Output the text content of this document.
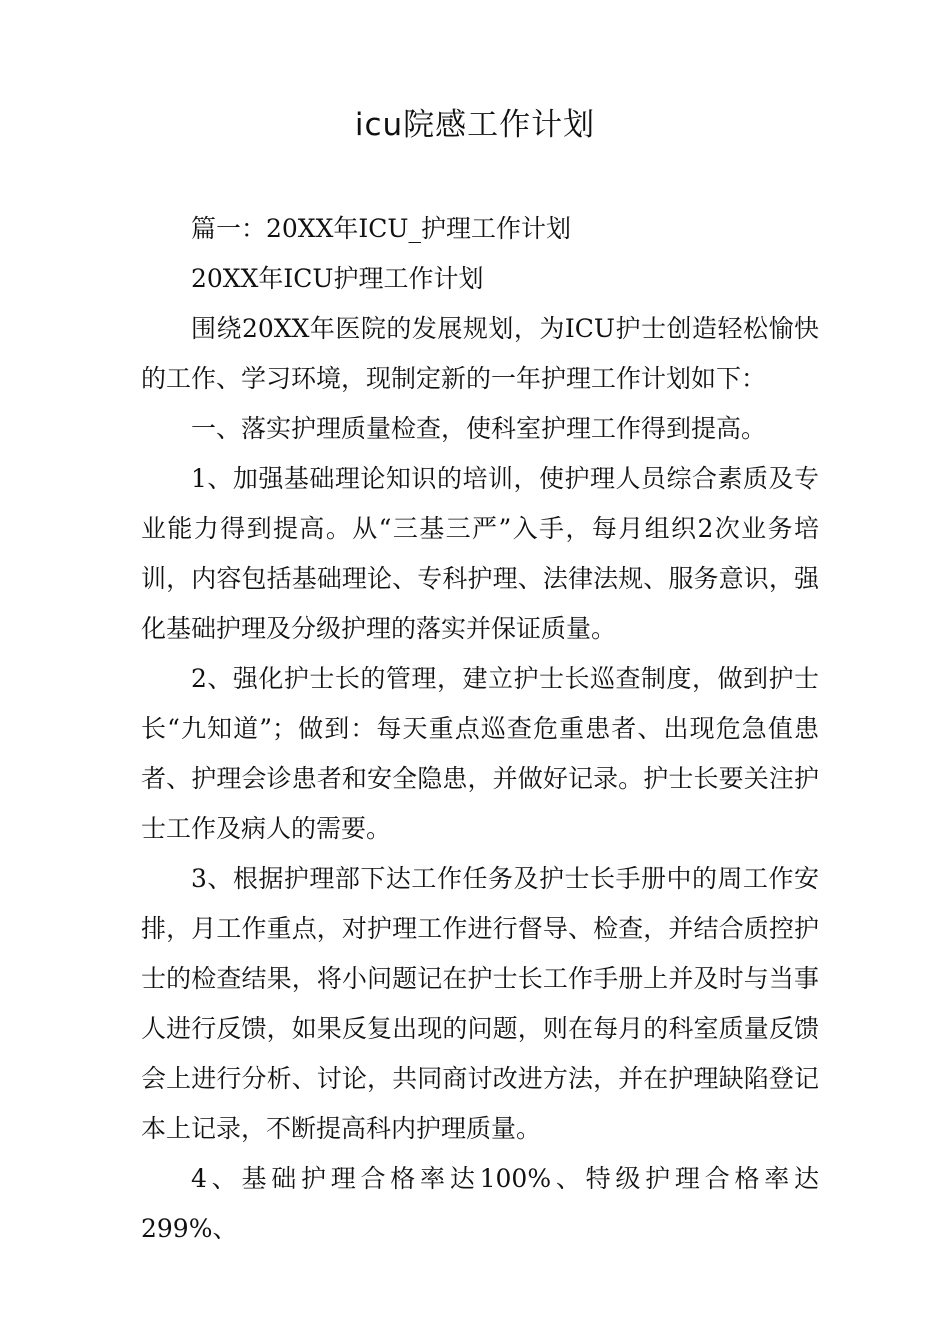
icu院感工作计划

篇一：20XX年ICU_护理工作计划

20XX年ICU护理工作计划

围绕20XX年医院的发展规划，为ICU护士创造轻松愉快的工作、学习环境，现制定新的一年护理工作计划如下：

一、落实护理质量检查，使科室护理工作得到提高。

1、加强基础理论知识的培训，使护理人员综合素质及专业能力得到提高。从“三基三严”入手，每月组织2次业务培训，内容包括基础理论、专科护理、法律法规、服务意识，强化基础护理及分级护理的落实并保证质量。

2、强化护士长的管理，建立护士长巡查制度，做到护士长“九知道”；做到：每天重点巡查危重患者、出现危急值患者、护理会诊患者和安全隐患，并做好记录。护士长要关注护士工作及病人的需要。

3、根据护理部下达工作任务及护士长手册中的周工作安排，月工作重点，对护理工作进行督导、检查，并结合质控护士的检查结果，将小问题记在护士长工作手册上并及时与当事人进行反馈，如果反复出现的问题，则在每月的科室质量反馈会上进行分析、讨论，共同商讨改进方法，并在护理缺陷登记本上记录，不断提高科内护理质量。

4、基础护理合格率达100%、特级护理合格率达299%、
